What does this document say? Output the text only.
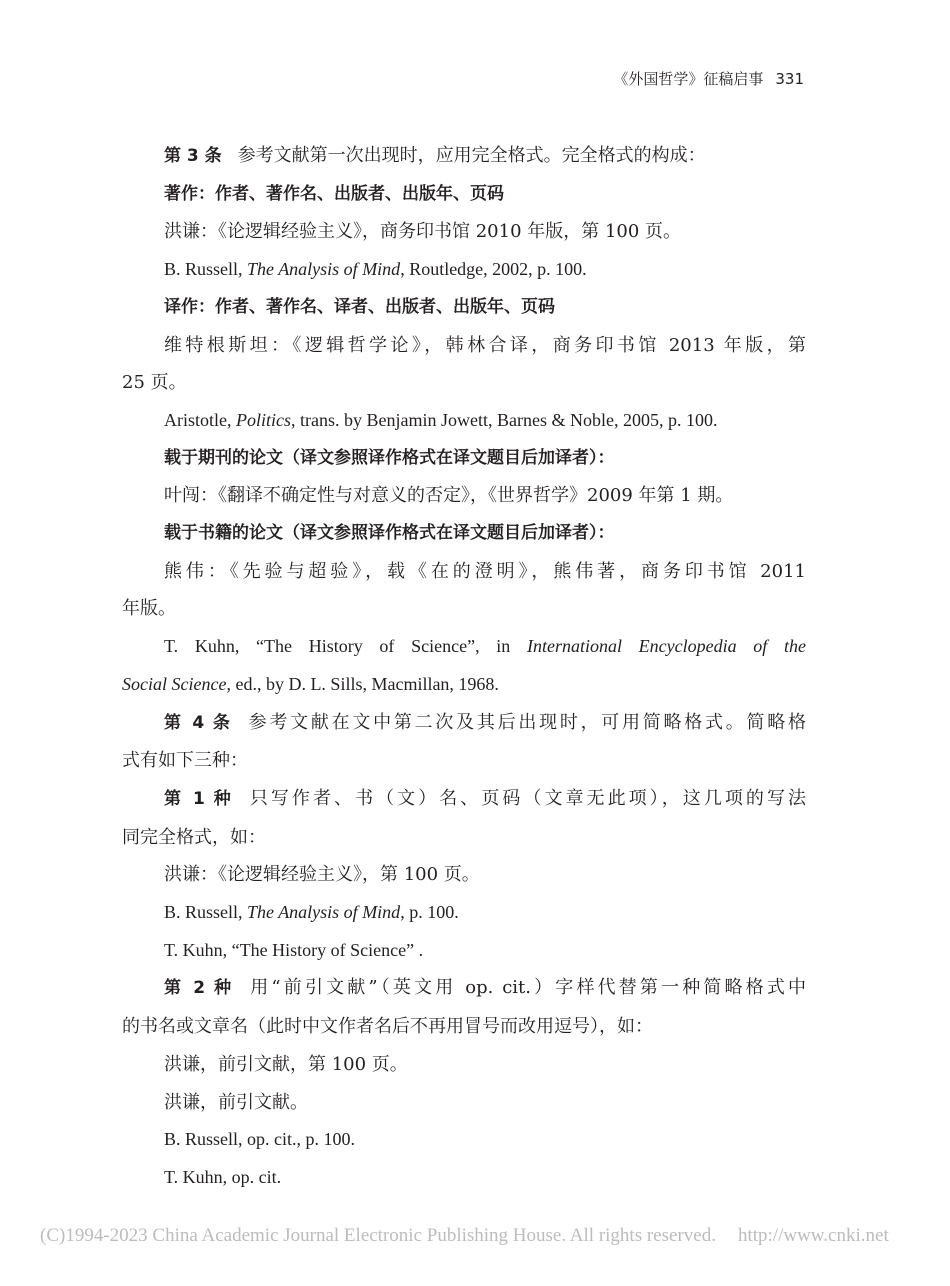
《外国哲学》征稿启事 331

第 3 条 参考文献第一次出现时，应用完全格式。完全格式的构成：

著作：作者、著作名、出版者、出版年、页码

洪谦：《论逻辑经验主义》，商务印书馆 2010 年版，第 100 页。

B. Russell, The Analysis of Mind, Routledge, 2002, p. 100.

译作：作者、著作名、译者、出版者、出版年、页码

维特根斯坦：《逻辑哲学论》，韩林合译，商务印书馆 2013 年版，第

25 页。

Aristotle, Politics, trans. by Benjamin Jowett, Barnes & Noble, 2005, p. 100.

载于期刊的论文（译文参照译作格式在译文题目后加译者）：

叶闯：《翻译不确定性与对意义的否定》，《世界哲学》2009 年第 1 期。

载于书籍的论文（译文参照译作格式在译文题目后加译者）：

熊伟：《先验与超验》，载《在的澄明》，熊伟著，商务印书馆 2011

年版。

T. Kuhn, “The History of Science”, in International Encyclopedia of the

Social Science, ed., by D. L. Sills, Macmillan, 1968.

第 4 条 参考文献在文中第二次及其后出现时，可用简略格式。简略格

式有如下三种：

第 1 种 只写作者、书（文）名、页码（文章无此项），这几项的写法

同完全格式，如：

洪谦：《论逻辑经验主义》，第 100 页。

B. Russell, The Analysis of Mind, p. 100.

T. Kuhn, “The History of Science” .

第 2 种 用“前引文献”（英文用 op. cit.）字样代替第一种简略格式中

的书名或文章名（此时中文作者名后不再用冒号而改用逗号），如：

洪谦，前引文献，第 100 页。

洪谦，前引文献。

B. Russell, op. cit., p. 100.

T. Kuhn, op. cit.

(C)1994-2023 China Academic Journal Electronic Publishing House. All rights reserved. http://www.cnki.net
